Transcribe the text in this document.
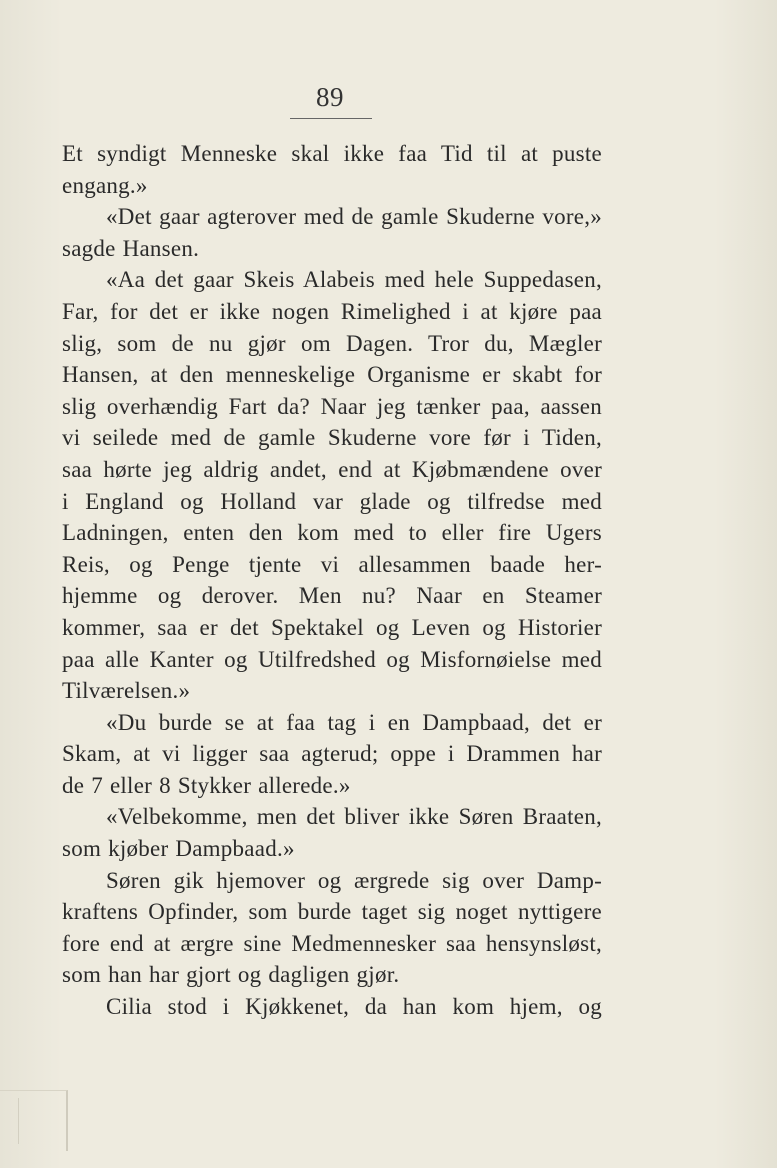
89
Et syndigt Menneske skal ikke faa Tid til at puste
engang.»
«Det gaar agterover med de gamle Skuderne vore,»
sagde Hansen.
«Aa det gaar Skeis Alabeis med hele Suppedasen,
Far, for det er ikke nogen Rimelighed i at kjøre paa
slig, som de nu gjør om Dagen. Tror du, Mægler
Hansen, at den menneskelige Organisme er skabt for
slig overhændig Fart da? Naar jeg tænker paa, aassen
vi seilede med de gamle Skuderne vore før i Tiden,
saa hørte jeg aldrig andet, end at Kjøbmændene over
i England og Holland var glade og tilfredse med
Ladningen, enten den kom med to eller fire Ugers
Reis, og Penge tjente vi allesammen baade her-
hjemme og derover. Men nu? Naar en Steamer
kommer, saa er det Spektakel og Leven og Historier
paa alle Kanter og Utilfredshed og Misfornøielse med
Tilværelsen.»
«Du burde se at faa tag i en Dampbaad, det er
Skam, at vi ligger saa agterud; oppe i Drammen har
de 7 eller 8 Stykker allerede.»
«Velbekomme, men det bliver ikke Søren Braaten,
som kjøber Dampbaad.»
Søren gik hjemover og ærgrede sig over Damp-
kraftens Opfinder, som burde taget sig noget nyttigere
fore end at ærgre sine Medmennesker saa hensynsløst,
som han har gjort og dagligen gjør.
Cilia stod i Kjøkkenet, da han kom hjem, og
